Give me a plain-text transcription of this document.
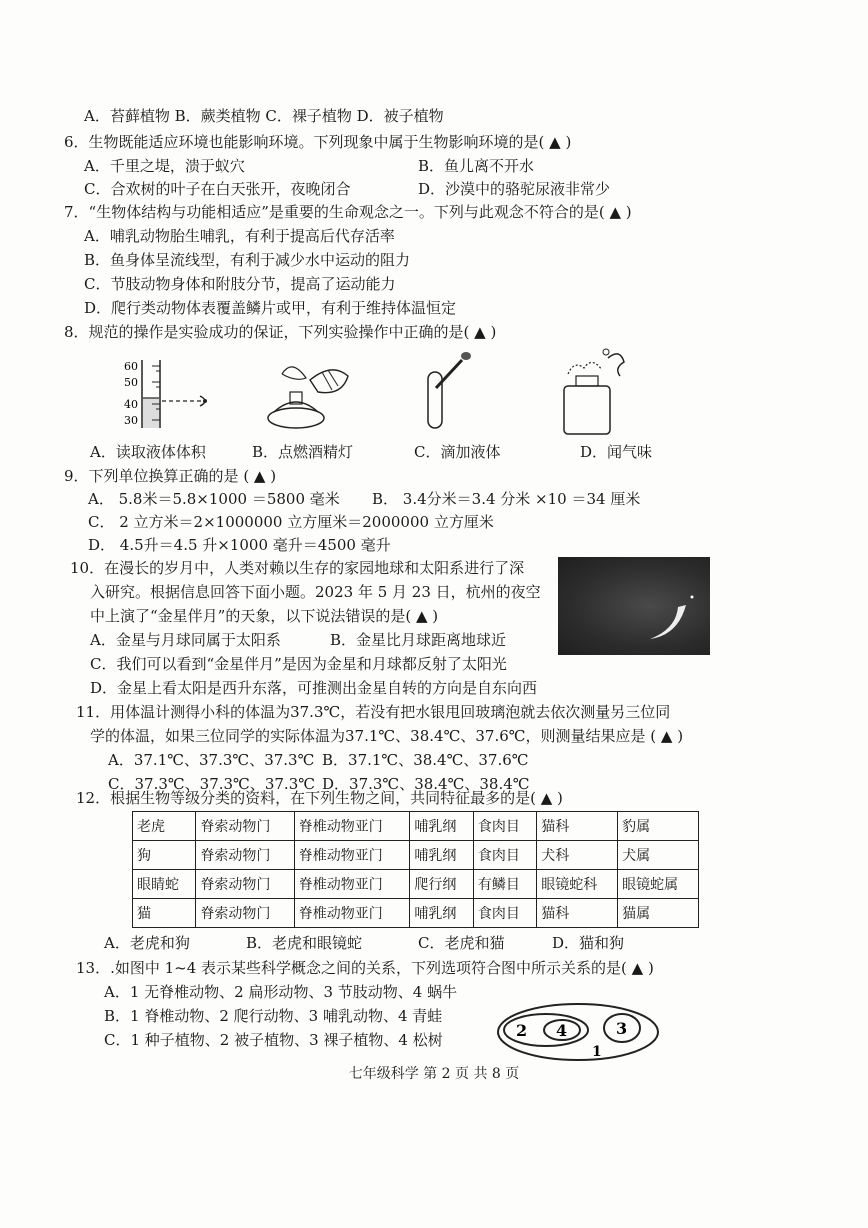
A．苔藓植物 B．蕨类植物 C．裸子植物 D．被子植物
6．生物既能适应环境也能影响环境。下列现象中属于生物影响环境的是( ▲ )
A．千里之堤，溃于蚁穴	B．鱼儿离不开水
C．合欢树的叶子在白天张开，夜晚闭合	D．沙漠中的骆驼尿液非常少
7．“生物体结构与功能相适应”是重要的生命观念之一。下列与此观念不符合的是( ▲ )
A．哺乳动物胎生哺乳，有利于提高后代存活率
B．鱼身体呈流线型，有利于减少水中运动的阻力
C．节肢动物身体和附肢分节，提高了运动能力
D．爬行类动物体表覆盖鳞片或甲，有利于维持体温恒定
8．规范的操作是实验成功的保证，下列实验操作中正确的是( ▲ )
60
50
40
30
A．读取液体体积	B．点燃酒精灯	C．滴加液体	D．闻气味
9．下列单位换算正确的是 ( ▲ )
A． 5.8米＝5.8×1000 ＝5800 毫米 B． 3.4分米＝3.4 分米 ×10 ＝34 厘米
C． 2 立方米＝2×1000000 立方厘米＝2000000 立方厘米
D． 4.5升＝4.5 升×1000 毫升＝4500 毫升
10．在漫长的岁月中，人类对赖以生存的家园地球和太阳系进行了深
入研究。根据信息回答下面小题。2023 年 5 月 23 日，杭州的夜空
中上演了“金星伴月”的天象，以下说法错误的是( ▲ )
A．金星与月球同属于太阳系	B．金星比月球距离地球近
C．我们可以看到“金星伴月”是因为金星和月球都反射了太阳光
D．金星上看太阳是西升东落，可推测出金星自转的方向是自东向西
11．用体温计测得小科的体温为37.3℃，若没有把水银甩回玻璃泡就去依次测量另三位同
学的体温，如果三位同学的实际体温为37.1℃、38.4℃、37.6℃，则测量结果应是 ( ▲ )
A．37.1℃、37.3℃、37.3℃ B．37.1℃、38.4℃、37.6℃
C．37.3℃、37.3℃、37.3℃ D．37.3℃、38.4℃、38.4℃
12．根据生物等级分类的资料，在下列生物之间，共同特征最多的是( ▲ )
老虎	脊索动物门	脊椎动物亚门	哺乳纲	食肉目	猫科	豹属
狗	脊索动物门	脊椎动物亚门	哺乳纲	食肉目	犬科	犬属
眼睛蛇	脊索动物门	脊椎动物亚门	爬行纲	有鳞目	眼镜蛇科	眼镜蛇属
猫	脊索动物门	脊椎动物亚门	哺乳纲	食肉目	猫科	猫属
A．老虎和狗	B．老虎和眼镜蛇	C．老虎和猫	D．猫和狗
13．.如图中 1~4 表示某些科学概念之间的关系，下列选项符合图中所示关系的是( ▲ )
A．1 无脊椎动物、2 扁形动物、3 节肢动物、4 蜗牛
B．1 脊椎动物、2 爬行动物、3 哺乳动物、4 青蛙
C．1 种子植物、2 被子植物、3 裸子植物、4 松树	2 4	3
1
七年级科学 第 2 页 共 8 页
